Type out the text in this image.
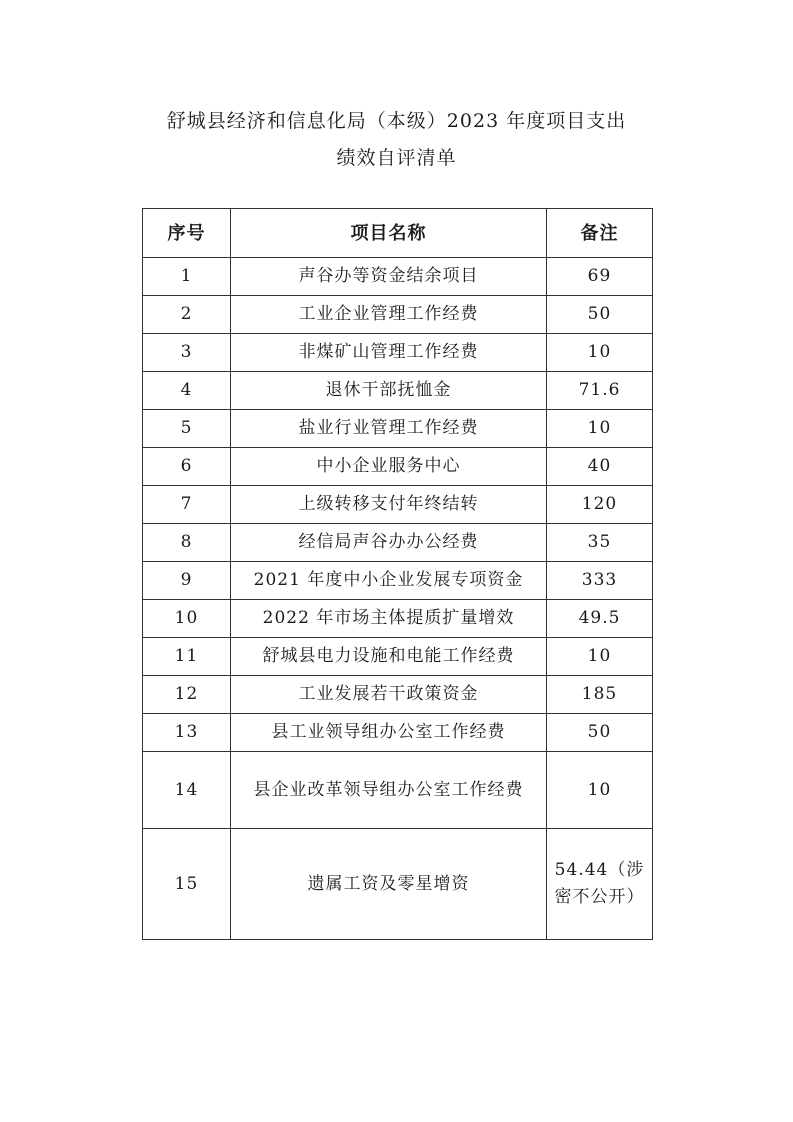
舒城县经济和信息化局（本级）2023 年度项目支出
绩效自评清单
序号	项目名称	备注
1	声谷办等资金结余项目	69
2	工业企业管理工作经费	50
3	非煤矿山管理工作经费	10
4	退休干部抚恤金	71.6
5	盐业行业管理工作经费	10
6	中小企业服务中心	40
7	上级转移支付年终结转	120
8	经信局声谷办办公经费	35
9	2021 年度中小企业发展专项资金	333
10	2022 年市场主体提质扩量增效	49.5
11	舒城县电力设施和电能工作经费	10
12	工业发展若干政策资金	185
13	县工业领导组办公室工作经费	50
14	县企业改革领导组办公室工作经费	10
15	遗属工资及零星增资	54.44（涉密不公开）
